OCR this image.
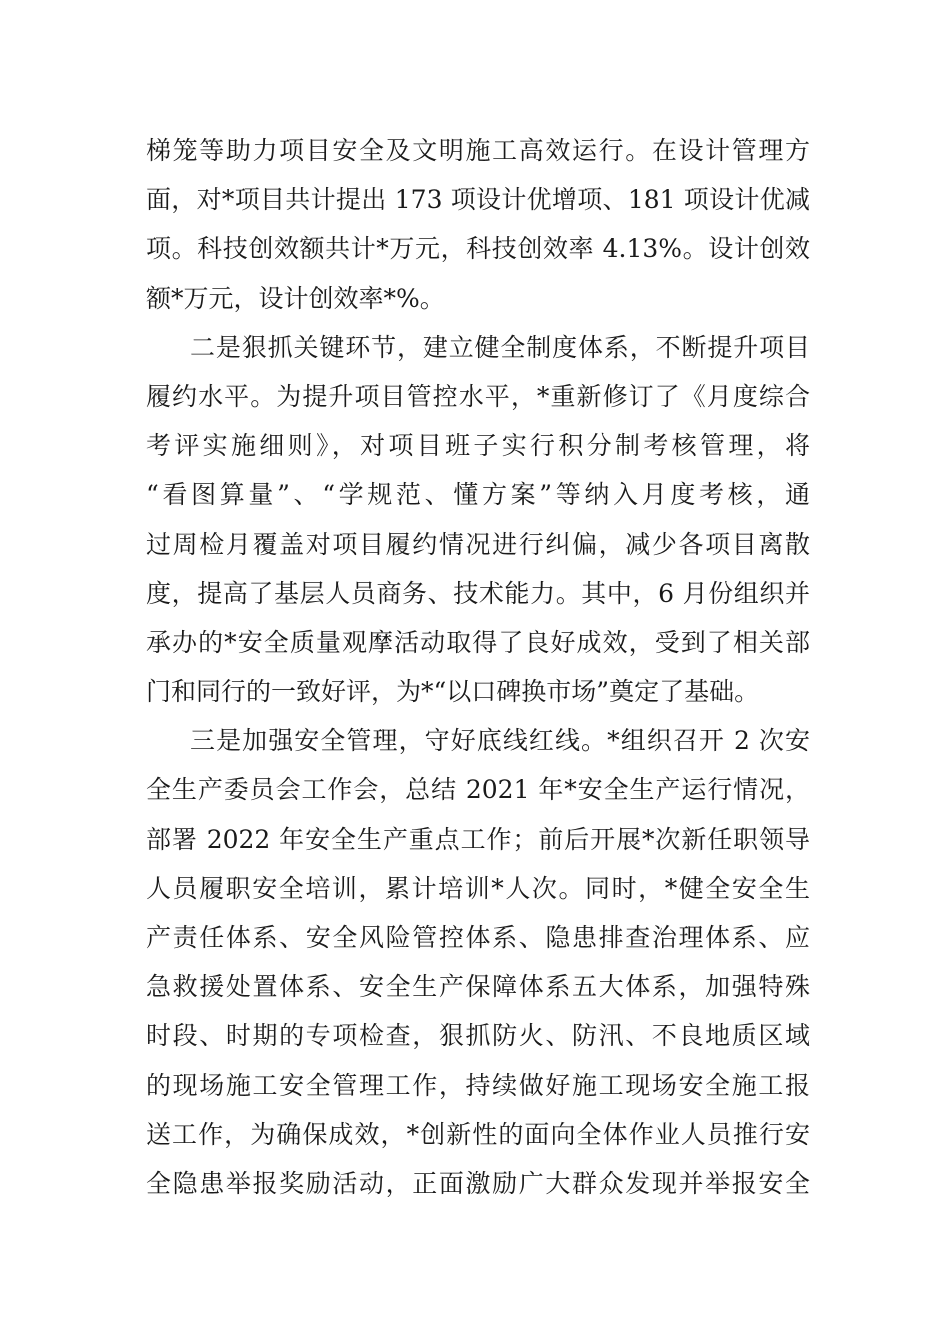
梯笼等助力项目安全及文明施工高效运行。在设计管理方
面，对*项目共计提出 173 项设计优增项、181 项设计优减
项。科技创效额共计*万元，科技创效率 4.13%。设计创效
额*万元，设计创效率*%。
二是狠抓关键环节，建立健全制度体系，不断提升项目
履约水平。为提升项目管控水平，*重新修订了《月度综合
考评实施细则》，对项目班子实行积分制考核管理，将
“看图算量”、“学规范、懂方案”等纳入月度考核，通
过周检月覆盖对项目履约情况进行纠偏，减少各项目离散
度，提高了基层人员商务、技术能力。其中，6 月份组织并
承办的*安全质量观摩活动取得了良好成效，受到了相关部
门和同行的一致好评，为*“以口碑换市场”奠定了基础。
三是加强安全管理，守好底线红线。*组织召开 2 次安
全生产委员会工作会，总结 2021 年*安全生产运行情况，
部署 2022 年安全生产重点工作；前后开展*次新任职领导
人员履职安全培训，累计培训*人次。同时，*健全安全生
产责任体系、安全风险管控体系、隐患排查治理体系、应
急救援处置体系、安全生产保障体系五大体系，加强特殊
时段、时期的专项检查，狠抓防火、防汛、不良地质区域
的现场施工安全管理工作，持续做好施工现场安全施工报
送工作，为确保成效，*创新性的面向全体作业人员推行安
全隐患举报奖励活动，正面激励广大群众发现并举报安全
